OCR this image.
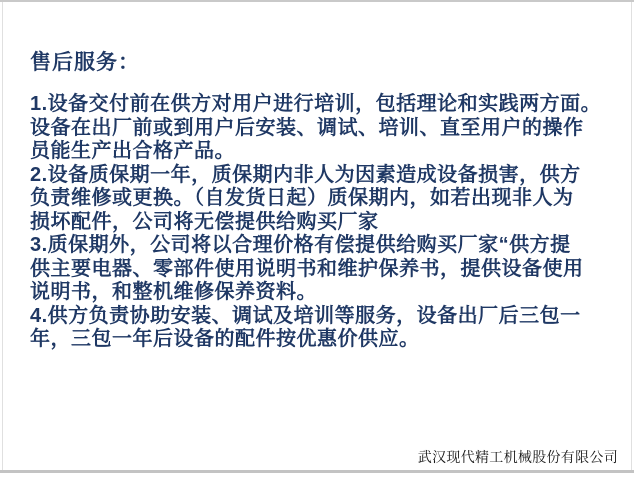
售后服务：
1.设备交付前在供方对用户进行培训，包括理论和实践两方面。
设备在出厂前或到用户后安装、调试、培训、直至用户的操作
员能生产出合格产品。
2.设备质保期一年，质保期内非人为因素造成设备损害，供方
负责维修或更换。（自发货日起）质保期内，如若出现非人为
损坏配件，公司将无偿提供给购买厂家
3.质保期外，公司将以合理价格有偿提供给购买厂家“供方提
供主要电器、零部件使用说明书和维护保养书，提供设备使用
说明书，和整机维修保养资料。
4.供方负责协助安装、调试及培训等服务，设备出厂后三包一
年，三包一年后设备的配件按优惠价供应。
武汉现代精工机械股份有限公司
